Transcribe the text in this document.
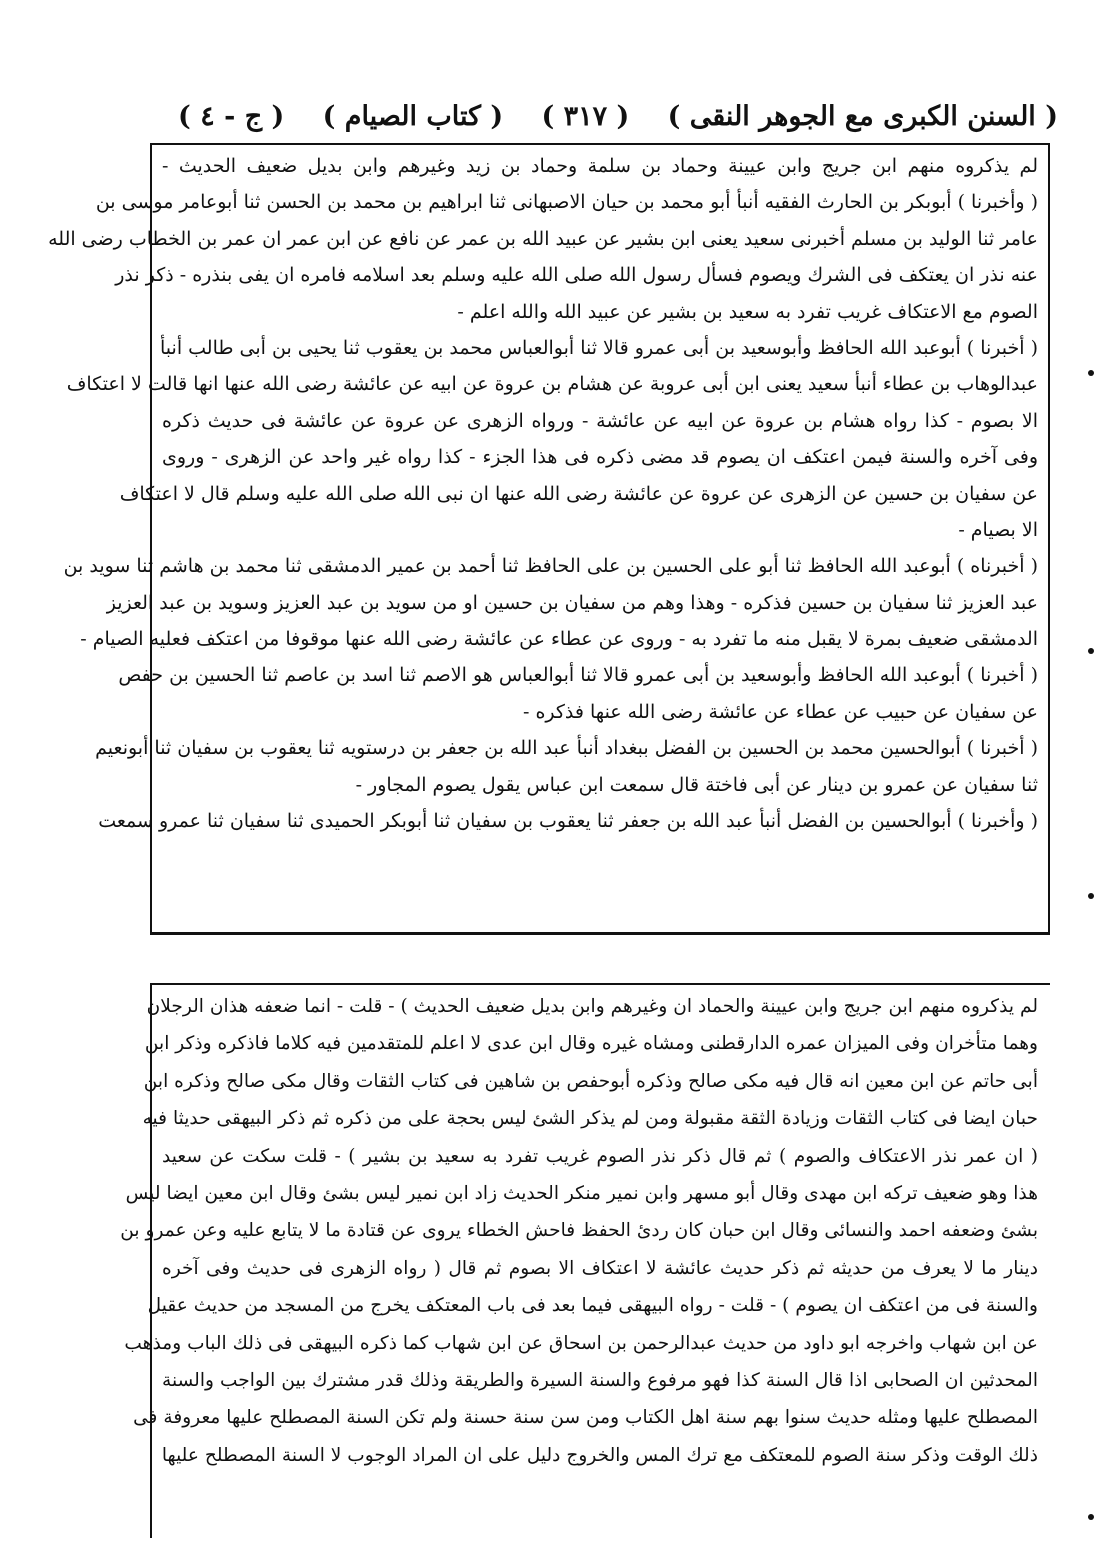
( السنن الكبرى مع الجوهر النقى )
( ٣١٧ )
( كتاب الصيام )
( ج - ٤ )
لم يذكروه منهم ابن جريج وابن عيينة وحماد بن سلمة وحماد بن زيد وغيرهم وابن بديل ضعيف الحديث -
( وأخبرنا ) أبوبكر بن الحارث الفقيه أنبأ أبو محمد بن حيان الاصبهانى ثنا ابراهيم بن محمد بن الحسن ثنا أبوعامر موسى بن
عامر ثنا الوليد بن مسلم أخبرنى سعيد يعنى ابن بشير عن عبيد الله بن عمر عن نافع عن ابن عمر ان عمر بن الخطاب رضى الله
عنه نذر ان يعتكف فى الشرك ويصوم فسأل رسول الله صلى الله عليه وسلم بعد اسلامه فامره ان يفى بنذره - ذكر نذر
الصوم مع الاعتكاف غريب تفرد به سعيد بن بشير عن عبيد الله والله اعلم -
( أخبرنا ) أبوعبد الله الحافظ وأبوسعيد بن أبى عمرو قالا ثنا أبوالعباس محمد بن يعقوب ثنا يحيى بن أبى طالب أنبأ
عبدالوهاب بن عطاء أنبأ سعيد يعنى ابن أبى عروبة عن هشام بن عروة عن ابيه عن عائشة رضى الله عنها انها قالت لا اعتكاف
الا بصوم - كذا رواه هشام بن عروة عن ابيه عن عائشة - ورواه الزهرى عن عروة عن عائشة فى حديث ذكره
وفى آخره والسنة فيمن اعتكف ان يصوم قد مضى ذكره فى هذا الجزء - كذا رواه غير واحد عن الزهرى - وروى
عن سفيان بن حسين عن الزهرى عن عروة عن عائشة رضى الله عنها ان نبى الله صلى الله عليه وسلم قال لا اعتكاف
الا بصيام -
( أخبرناه ) أبوعبد الله الحافظ ثنا أبو على الحسين بن على الحافظ ثنا أحمد بن عمير الدمشقى ثنا محمد بن هاشم ثنا سويد بن
عبد العزيز ثنا سفيان بن حسين فذكره - وهذا وهم من سفيان بن حسين او من سويد بن عبد العزيز وسويد بن عبد العزيز
الدمشقى ضعيف بمرة لا يقبل منه ما تفرد به - وروى عن عطاء عن عائشة رضى الله عنها موقوفا من اعتكف فعليه الصيام -
( أخبرنا ) أبوعبد الله الحافظ وأبوسعيد بن أبى عمرو قالا ثنا أبوالعباس هو الاصم ثنا اسد بن عاصم ثنا الحسين بن حفص
عن سفيان عن حبيب عن عطاء عن عائشة رضى الله عنها فذكره -
( أخبرنا ) أبوالحسين محمد بن الحسين بن الفضل ببغداد أنبأ عبد الله بن جعفر بن درستويه ثنا يعقوب بن سفيان ثنا أبونعيم
ثنا سفيان عن عمرو بن دينار عن أبى فاختة قال سمعت ابن عباس يقول يصوم المجاور -
( وأخبرنا ) أبوالحسين بن الفضل أنبأ عبد الله بن جعفر ثنا يعقوب بن سفيان ثنا أبوبكر الحميدى ثنا سفيان ثنا عمرو سمعت
لم يذكروه منهم ابن جريج وابن عيينة والحماد ان وغيرهم وابن بديل ضعيف الحديث ) - قلت - انما ضعفه هذان الرجلان
وهما متأخران وفى الميزان عمره الدارقطنى ومشاه غيره وقال ابن عدى لا اعلم للمتقدمين فيه كلاما فاذكره وذكر ابن
أبى حاتم عن ابن معين انه قال فيه مكى صالح وذكره أبوحفص بن شاهين فى كتاب الثقات وقال مكى صالح وذكره ابن
حبان ايضا فى كتاب الثقات وزيادة الثقة مقبولة ومن لم يذكر الشئ ليس بحجة على من ذكره ثم ذكر البيهقى حديثا فيه
( ان عمر نذر الاعتكاف والصوم ) ثم قال ذكر نذر الصوم غريب تفرد به سعيد بن بشير ) - قلت سكت عن سعيد
هذا وهو ضعيف تركه ابن مهدى وقال أبو مسهر وابن نمير منكر الحديث زاد ابن نمير ليس بشئ وقال ابن معين ايضا ليس
بشئ وضعفه احمد والنسائى وقال ابن حبان كان ردئ الحفظ فاحش الخطاء يروى عن قتادة ما لا يتابع عليه وعن عمرو بن
دينار ما لا يعرف من حديثه ثم ذكر حديث عائشة لا اعتكاف الا بصوم ثم قال ( رواه الزهرى فى حديث وفى آخره
والسنة فى من اعتكف ان يصوم ) - قلت - رواه البيهقى فيما بعد فى باب المعتكف يخرج من المسجد من حديث عقيل
عن ابن شهاب واخرجه ابو داود من حديث عبدالرحمن بن اسحاق عن ابن شهاب كما ذكره البيهقى فى ذلك الباب ومذهب
المحدثين ان الصحابى اذا قال السنة كذا فهو مرفوع والسنة السيرة والطريقة وذلك قدر مشترك بين الواجب والسنة
المصطلح عليها ومثله حديث سنوا بهم سنة اهل الكتاب ومن سن سنة حسنة ولم تكن السنة المصطلح عليها معروفة فى
ذلك الوقت وذكر سنة الصوم للمعتكف مع ترك المس والخروج دليل على ان المراد الوجوب لا السنة المصطلح عليها
